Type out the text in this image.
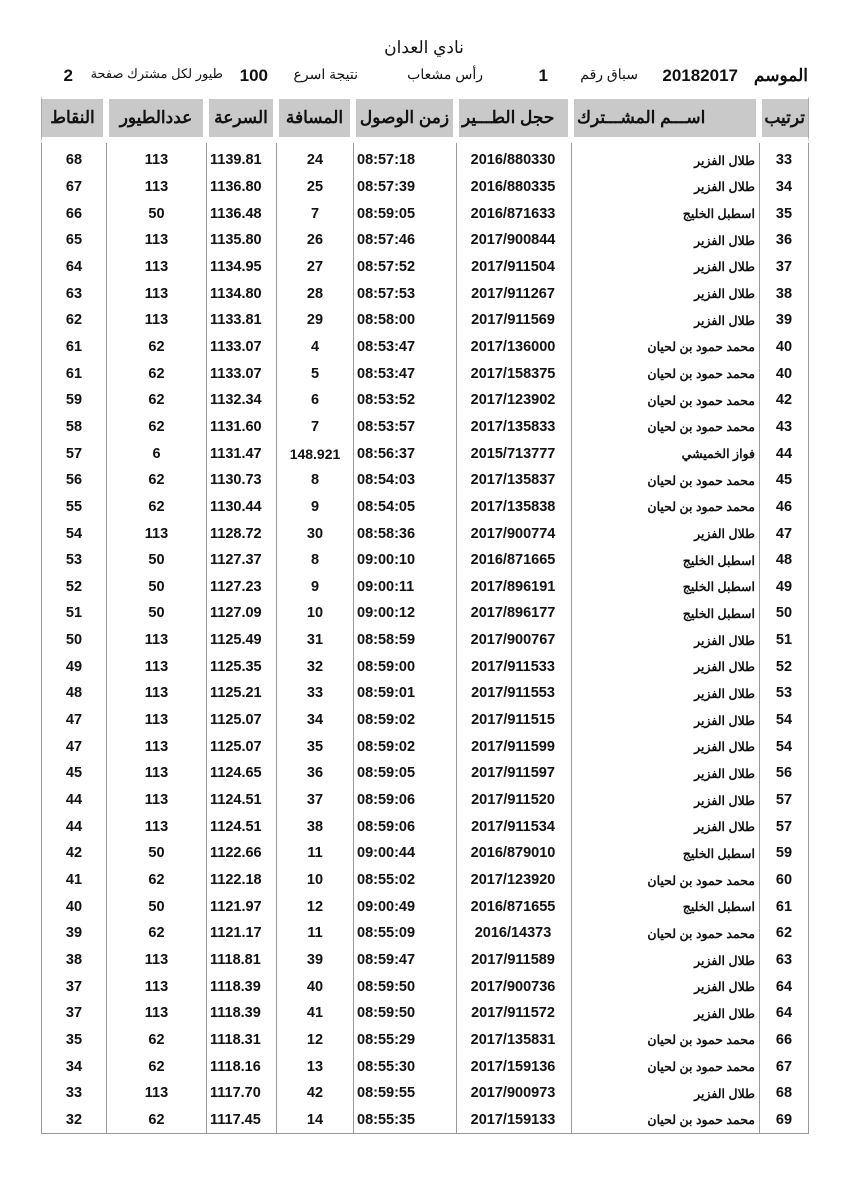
نادي العدان
الموسم
20182017
سباق رقم
1
رأس مشعاب
نتيجة اسرع
100
طيور لكل مشترك صفحة
2
ترتيب	اســـم المشـــترك	حجل الطـــير	زمن الوصول	المسافة	السرعة	عددالطيور	النقاط
33	طلال الفزير	2016/880330	08:57:18	24	1139.81	113	68
34	طلال الفزير	2016/880335	08:57:39	25	1136.80	113	67
35	اسطبل الخليج	2016/871633	08:59:05	7	1136.48	50	66
36	طلال الفزير	2017/900844	08:57:46	26	1135.80	113	65
37	طلال الفزير	2017/911504	08:57:52	27	1134.95	113	64
38	طلال الفزير	2017/911267	08:57:53	28	1134.80	113	63
39	طلال الفزير	2017/911569	08:58:00	29	1133.81	113	62
40	محمد حمود بن لحيان	2017/136000	08:53:47	4	1133.07	62	61
40	محمد حمود بن لحيان	2017/158375	08:53:47	5	1133.07	62	61
42	محمد حمود بن لحيان	2017/123902	08:53:52	6	1132.34	62	59
43	محمد حمود بن لحيان	2017/135833	08:53:57	7	1131.60	62	58
44	فواز الخميشي	2015/713777	08:56:37	148.921	1131.47	6	57
45	محمد حمود بن لحيان	2017/135837	08:54:03	8	1130.73	62	56
46	محمد حمود بن لحيان	2017/135838	08:54:05	9	1130.44	62	55
47	طلال الفزير	2017/900774	08:58:36	30	1128.72	113	54
48	اسطبل الخليج	2016/871665	09:00:10	8	1127.37	50	53
49	اسطبل الخليج	2017/896191	09:00:11	9	1127.23	50	52
50	اسطبل الخليج	2017/896177	09:00:12	10	1127.09	50	51
51	طلال الفزير	2017/900767	08:58:59	31	1125.49	113	50
52	طلال الفزير	2017/911533	08:59:00	32	1125.35	113	49
53	طلال الفزير	2017/911553	08:59:01	33	1125.21	113	48
54	طلال الفزير	2017/911515	08:59:02	34	1125.07	113	47
54	طلال الفزير	2017/911599	08:59:02	35	1125.07	113	47
56	طلال الفزير	2017/911597	08:59:05	36	1124.65	113	45
57	طلال الفزير	2017/911520	08:59:06	37	1124.51	113	44
57	طلال الفزير	2017/911534	08:59:06	38	1124.51	113	44
59	اسطبل الخليج	2016/879010	09:00:44	11	1122.66	50	42
60	محمد حمود بن لحيان	2017/123920	08:55:02	10	1122.18	62	41
61	اسطبل الخليج	2016/871655	09:00:49	12	1121.97	50	40
62	محمد حمود بن لحيان	2016/14373	08:55:09	11	1121.17	62	39
63	طلال الفزير	2017/911589	08:59:47	39	1118.81	113	38
64	طلال الفزير	2017/900736	08:59:50	40	1118.39	113	37
64	طلال الفزير	2017/911572	08:59:50	41	1118.39	113	37
66	محمد حمود بن لحيان	2017/135831	08:55:29	12	1118.31	62	35
67	محمد حمود بن لحيان	2017/159136	08:55:30	13	1118.16	62	34
68	طلال الفزير	2017/900973	08:59:55	42	1117.70	113	33
69	محمد حمود بن لحيان	2017/159133	08:55:35	14	1117.45	62	32
